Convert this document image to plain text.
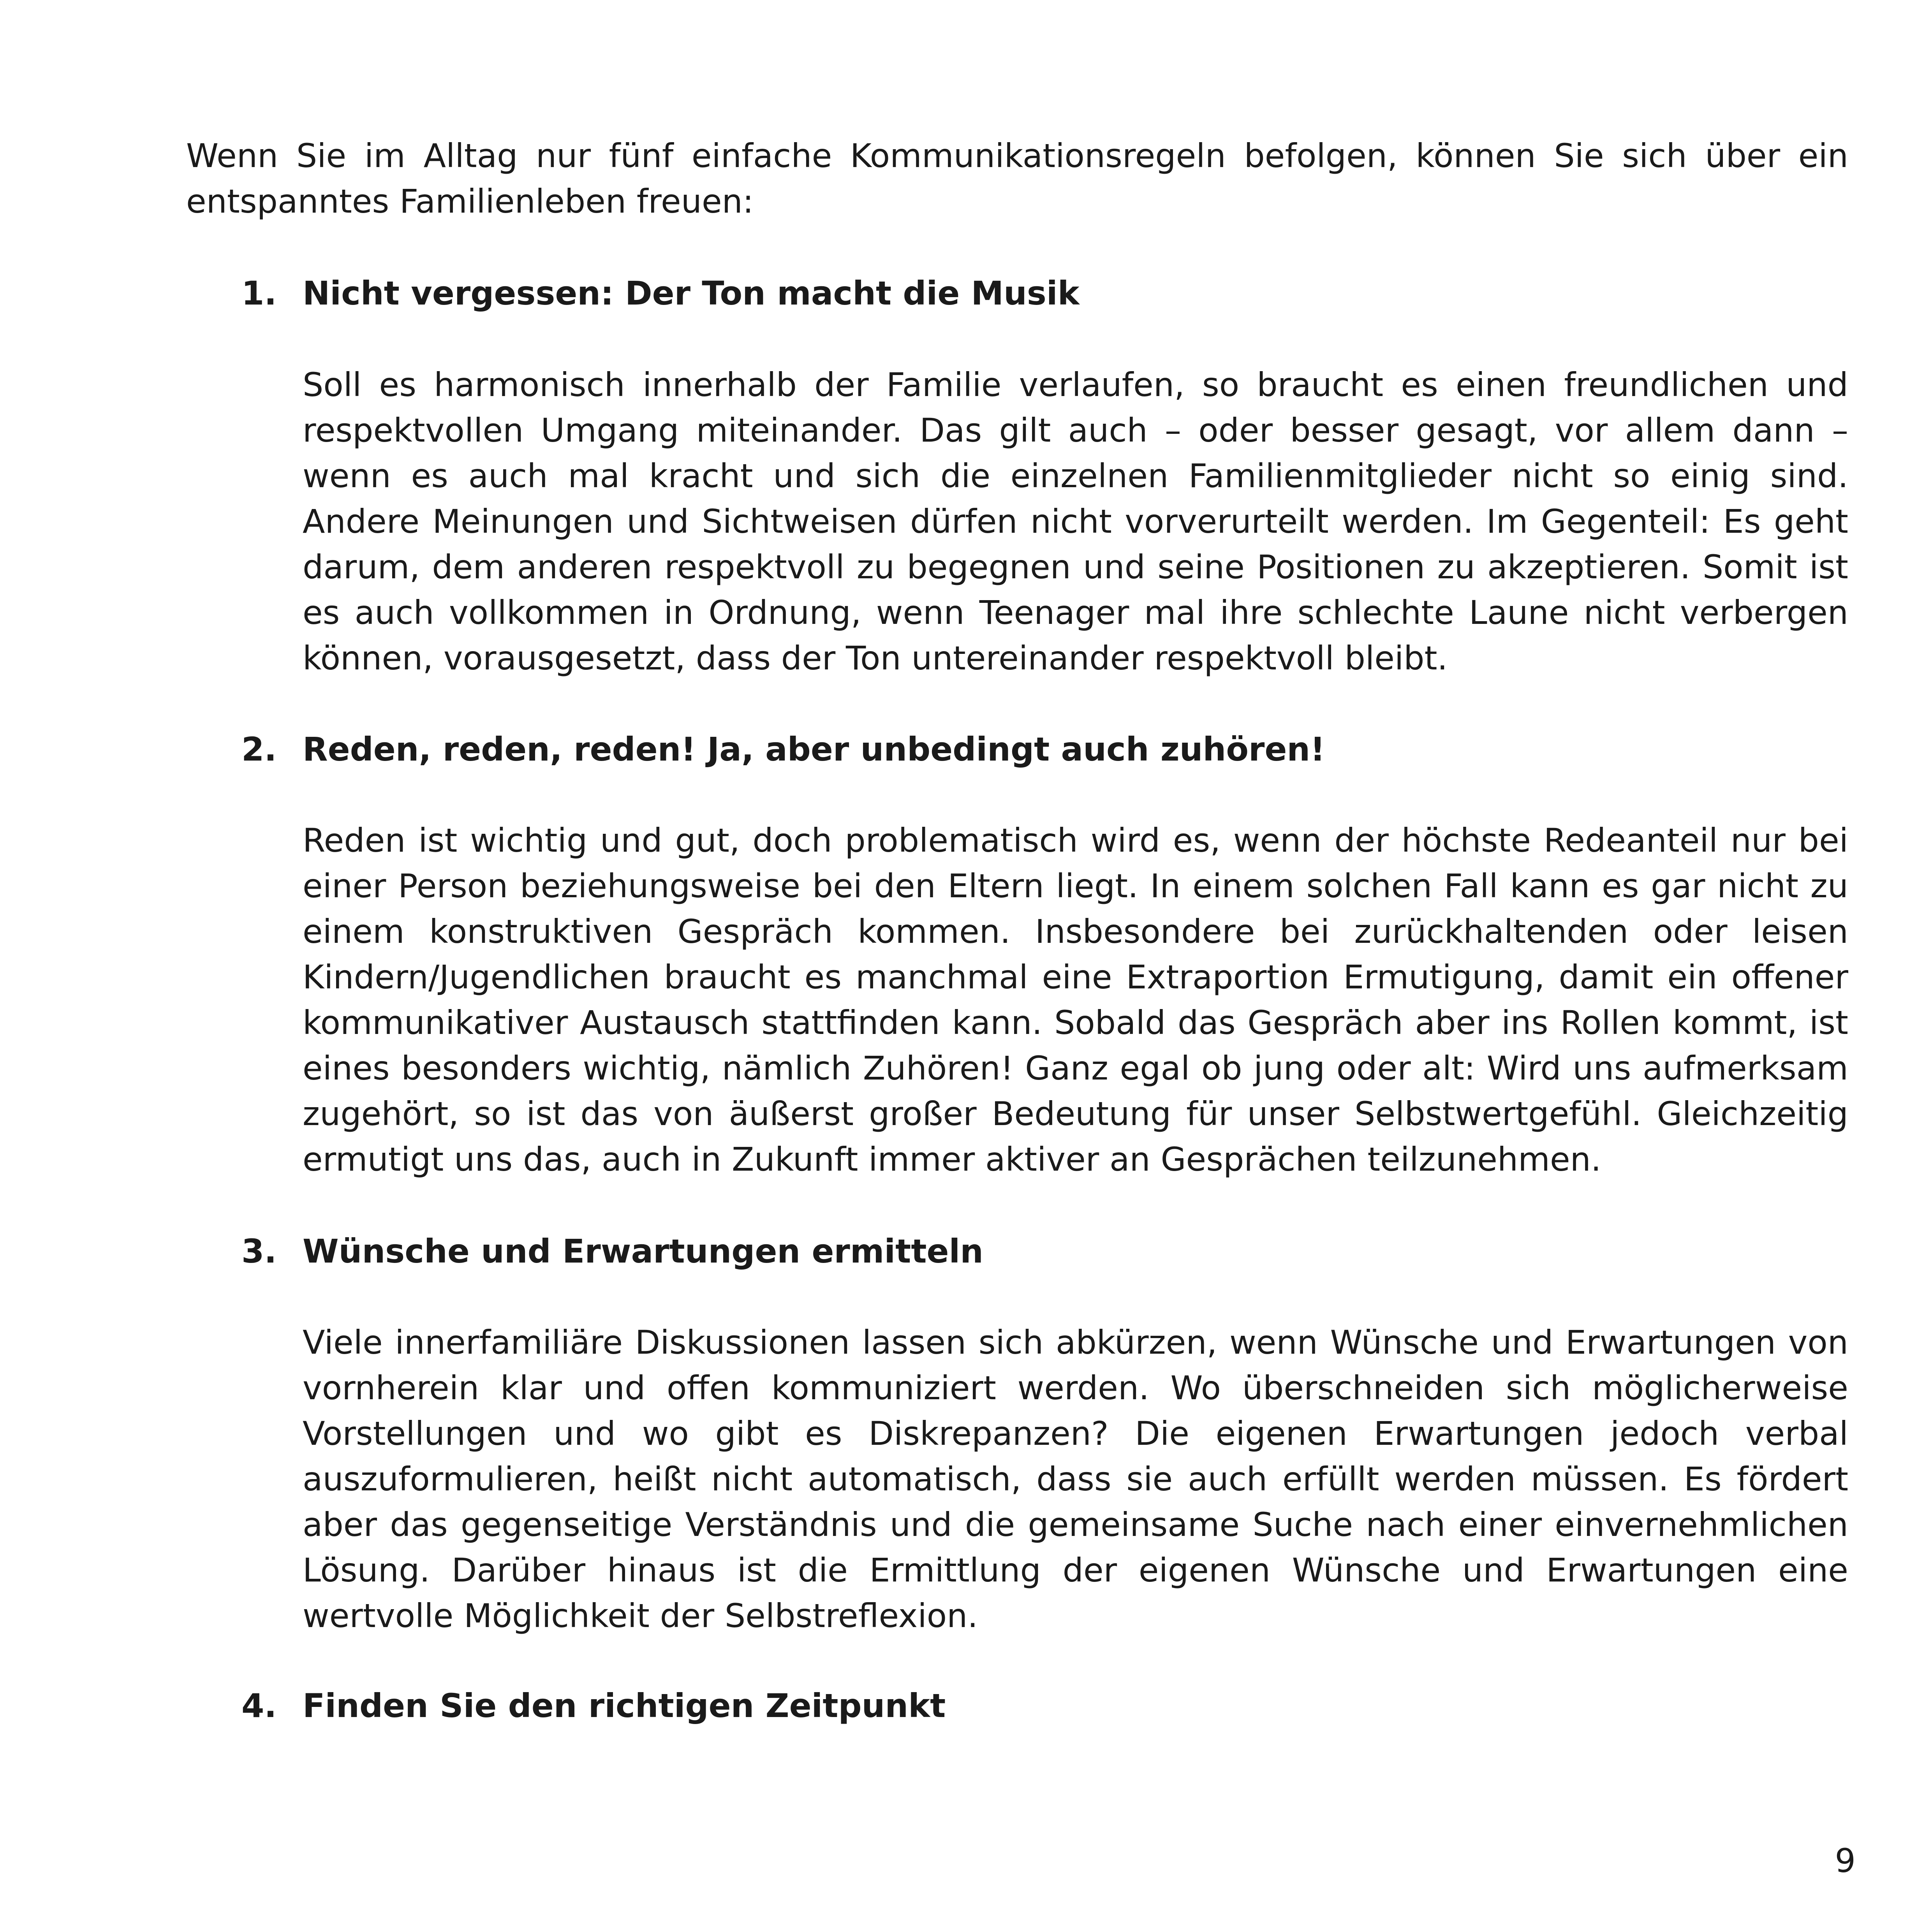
Wenn Sie im Alltag nur fünf einfache Kommunikationsregeln befolgen, können Sie sich über ein entspanntes Familienleben freuen:

1. Nicht vergessen: Der Ton macht die Musik

Soll es harmonisch innerhalb der Familie verlaufen, so braucht es einen freundlichen und respektvollen Umgang miteinander. Das gilt auch – oder besser gesagt, vor allem dann – wenn es auch mal kracht und sich die einzelnen Familienmitglieder nicht so einig sind. Andere Meinungen und Sichtweisen dürfen nicht vorverurteilt werden. Im Gegenteil: Es geht darum, dem anderen respektvoll zu begegnen und seine Positionen zu akzeptieren. Somit ist es auch vollkommen in Ordnung, wenn Teenager mal ihre schlechte Laune nicht verbergen können, vorausgesetzt, dass der Ton untereinander respektvoll bleibt.

2. Reden, reden, reden! Ja, aber unbedingt auch zuhören!

Reden ist wichtig und gut, doch problematisch wird es, wenn der höchste Redeanteil nur bei einer Person beziehungsweise bei den Eltern liegt. In einem solchen Fall kann es gar nicht zu einem konstruktiven Gespräch kommen. Insbesondere bei zurückhaltenden oder leisen Kindern/Jugendlichen braucht es manchmal eine Extraportion Ermutigung, damit ein offener kommunikativer Austausch stattfinden kann. Sobald das Gespräch aber ins Rollen kommt, ist eines besonders wichtig, nämlich Zuhören! Ganz egal ob jung oder alt: Wird uns aufmerksam zugehört, so ist das von äußerst großer Bedeutung für unser Selbstwertgefühl. Gleichzeitig ermutigt uns das, auch in Zukunft immer aktiver an Gesprächen teilzunehmen.

3. Wünsche und Erwartungen ermitteln

Viele innerfamiliäre Diskussionen lassen sich abkürzen, wenn Wünsche und Erwartungen von vornherein klar und offen kommuniziert werden. Wo überschneiden sich möglicherweise Vorstellungen und wo gibt es Diskrepanzen? Die eigenen Erwartungen jedoch verbal auszuformulieren, heißt nicht automatisch, dass sie auch erfüllt werden müssen. Es fördert aber das gegenseitige Verständnis und die gemeinsame Suche nach einer einvernehmlichen Lösung. Darüber hinaus ist die Ermittlung der eigenen Wünsche und Erwartungen eine wertvolle Möglichkeit der Selbstreflexion.

4. Finden Sie den richtigen Zeitpunkt

9
